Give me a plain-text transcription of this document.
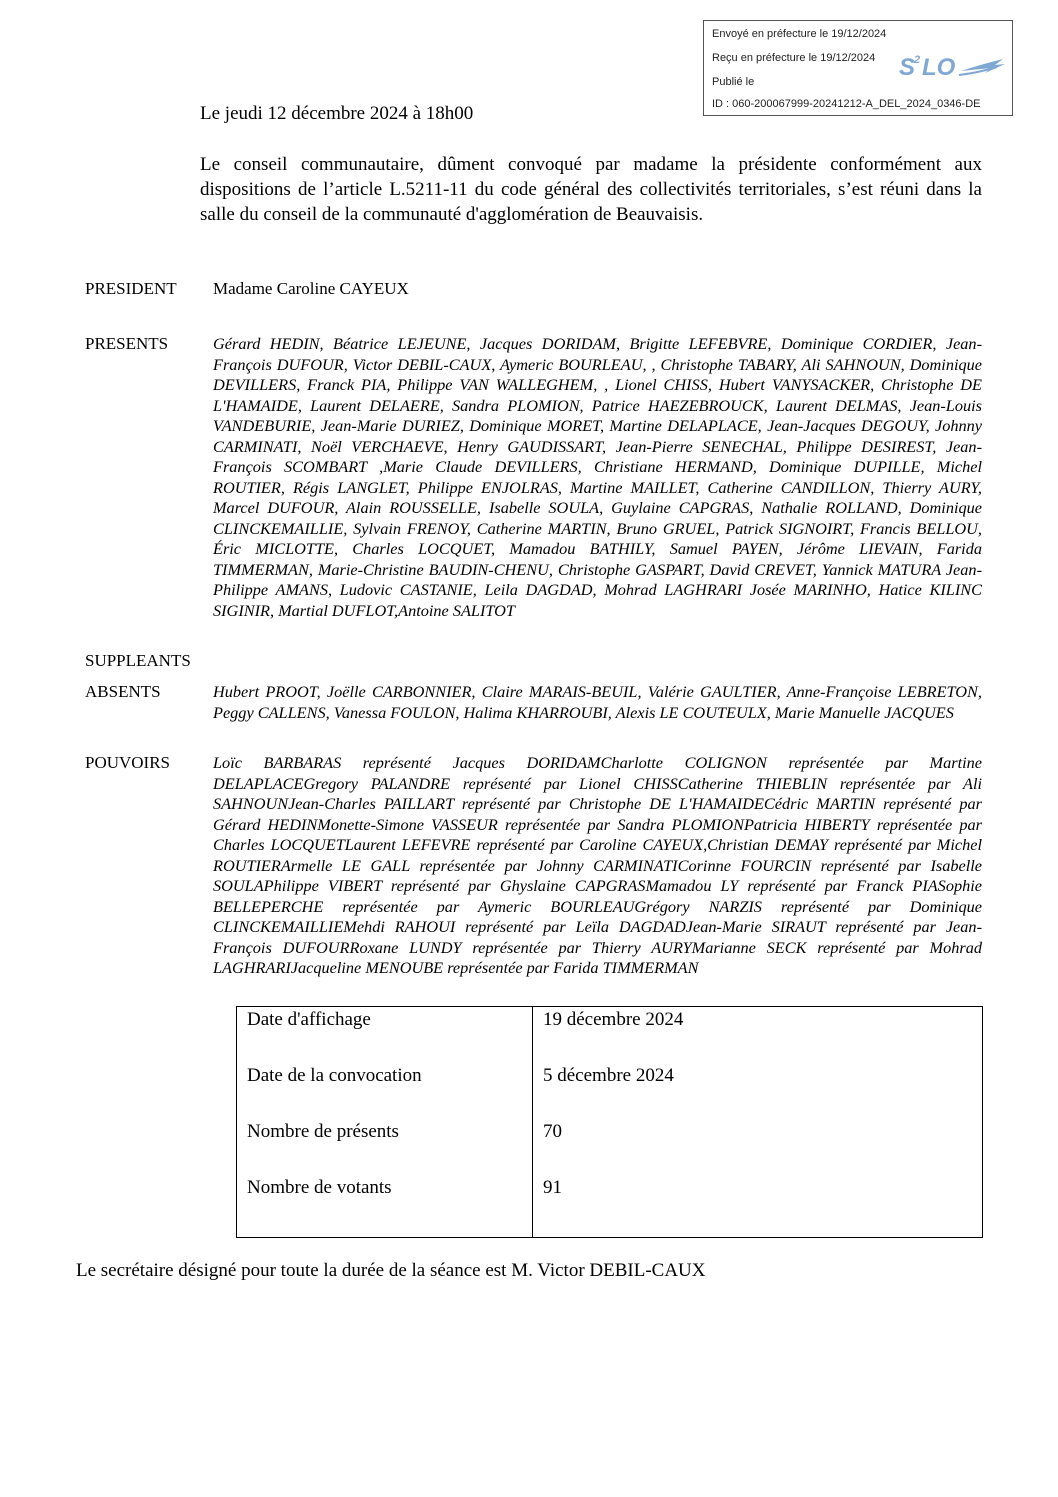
Envoyé en préfecture le 19/12/2024
Reçu en préfecture le 19/12/2024
Publié le
ID : 060-200067999-20241212-A_DEL_2024_0346-DE
S
2 LO
Le jeudi 12 décembre 2024 à 18h00
Le conseil communautaire, dûment convoqué par madame la présidente conformément aux dispositions de l’article L.5211-11 du code général des collectivités territoriales, s’est réuni dans la salle du conseil de la communauté d'agglomération de Beauvaisis.
PRESIDENT Madame Caroline CAYEUX
PRESENTS	Gérard HEDIN, Béatrice LEJEUNE, Jacques DORIDAM, Brigitte LEFEBVRE, Dominique CORDIER, Jean-François DUFOUR, Victor DEBIL-CAUX, Aymeric BOURLEAU, , Christophe TABARY, Ali SAHNOUN, Dominique DEVILLERS, Franck PIA, Philippe VAN WALLEGHEM, , Lionel CHISS, Hubert VANYSACKER, Christophe DE L'HAMAIDE, Laurent DELAERE, Sandra PLOMION, Patrice HAEZEBROUCK, Laurent DELMAS, Jean-Louis VANDEBURIE, Jean-Marie DURIEZ, Dominique MORET, Martine DELAPLACE, Jean-Jacques DEGOUY, Johnny CARMINATI, Noël VERCHAEVE, Henry GAUDISSART, Jean-Pierre SENECHAL, Philippe DESIREST, Jean-François SCOMBART ,Marie Claude DEVILLERS, Christiane HERMAND, Dominique DUPILLE, Michel ROUTIER, Régis LANGLET, Philippe ENJOLRAS, Martine MAILLET, Catherine CANDILLON, Thierry AURY, Marcel DUFOUR, Alain ROUSSELLE, Isabelle SOULA, Guylaine CAPGRAS, Nathalie ROLLAND, Dominique CLINCKEMAILLIE, Sylvain FRENOY, Catherine MARTIN, Bruno GRUEL, Patrick SIGNOIRT, Francis BELLOU, Éric MICLOTTE, Charles LOCQUET, Mamadou BATHILY, Samuel PAYEN, Jérôme LIEVAIN, Farida TIMMERMAN, Marie-Christine BAUDIN-CHENU, Christophe GASPART, David CREVET, Yannick MATURA Jean-Philippe AMANS, Ludovic CASTANIE, Leila DAGDAD, Mohrad LAGHRARI Josée MARINHO, Hatice KILINC SIGINIR, Martial DUFLOT,Antoine SALITOT
SUPPLEANTS
ABSENTS	Hubert PROOT, Joëlle CARBONNIER, Claire MARAIS-BEUIL, Valérie GAULTIER, Anne-Françoise LEBRETON, Peggy CALLENS, Vanessa FOULON, Halima KHARROUBI, Alexis LE COUTEULX, Marie Manuelle JACQUES
POUVOIRS	Loïc BARBARAS représenté Jacques DORIDAMCharlotte COLIGNON représentée par Martine DELAPLACEGregory PALANDRE représenté par Lionel CHISSCatherine THIEBLIN représentée par Ali SAHNOUNJean-Charles PAILLART représenté par Christophe DE L'HAMAIDECédric MARTIN représenté par Gérard HEDINMonette-Simone VASSEUR représentée par Sandra PLOMIONPatricia HIBERTY représentée par Charles LOCQUETLaurent LEFEVRE représenté par Caroline CAYEUX,Christian DEMAY représenté par Michel ROUTIERArmelle LE GALL représentée par Johnny CARMINATICorinne FOURCIN représenté par Isabelle SOULAPhilippe VIBERT représenté par Ghyslaine CAPGRASMamadou LY représenté par Franck PIASophie BELLEPERCHE représentée par Aymeric BOURLEAUGrégory NARZIS représenté par Dominique CLINCKEMAILLIEMehdi RAHOUI représenté par Leïla DAGDADJean-Marie SIRAUT représenté par Jean-François DUFOURRoxane LUNDY représentée par Thierry AURYMarianne SECK représenté par Mohrad LAGHRARIJacqueline MENOUBE représentée par Farida TIMMERMAN
Date d'affichage	19 décembre 2024
Date de la convocation	5 décembre 2024
Nombre de présents	70
Nombre de votants	91
Le secrétaire désigné pour toute la durée de la séance est M. Victor DEBIL-CAUX
